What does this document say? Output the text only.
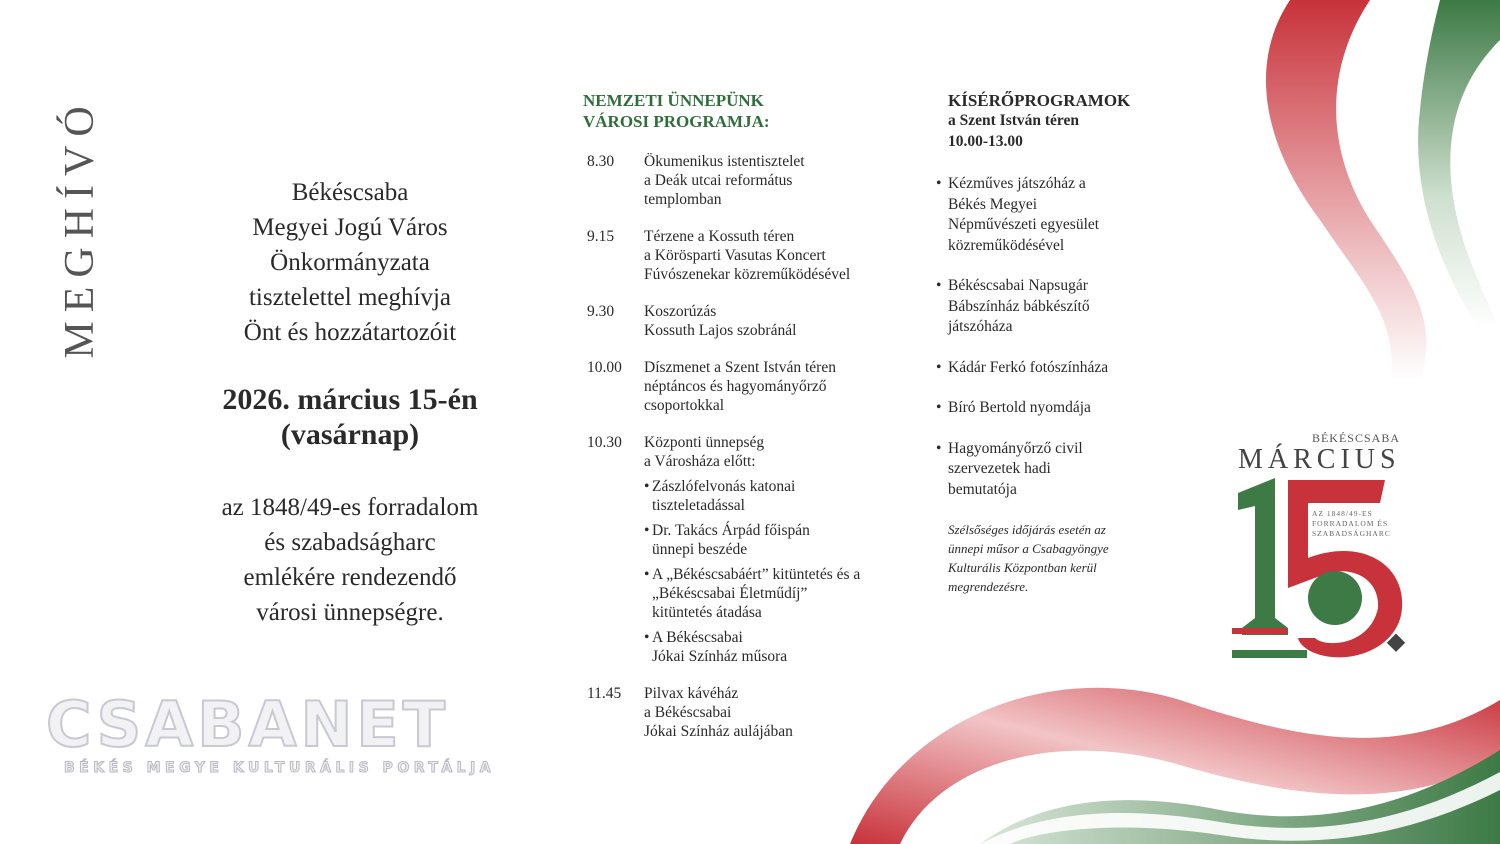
MEGHÍVÓ	Békéscsaba
Megyei Jogú Város
Önkormányzata
tisztelettel meghívja
Önt és hozzátartozóit
2026. március 15-én
(vasárnap)
az 1848/49-es forradalom
és szabadságharc
emlékére rendezendő
városi ünnepségre.
CSABANET
BÉKÉS MEGYE KULTURÁLIS PORTÁLJA
NEMZETI ÜNNEPÜNK
VÁROSI PROGRAMJA:
8.30	Ökumenikus istentisztelet
a Deák utcai református
templomban
9.15	Térzene a Kossuth téren
a Körösparti Vasutas Koncert
Fúvószenekar közreműködésével
9.30	Koszorúzás
Kossuth Lajos szobránál
10.00	Díszmenet a Szent István téren
néptáncos és hagyományőrző
csoportokkal
10.30	Központi ünnepség
a Városháza előtt:
• Zászlófelvonás katonai
tiszteletadással
• Dr. Takács Árpád főispán
ünnepi beszéde
• A „Békéscsabáért” kitüntetés és a
„Békéscsabai Életműdíj”
kitüntetés átadása
• A Békéscsabai
Jókai Színház műsora
11.45	Pilvax kávéház
a Békéscsabai
Jókai Színház aulájában
KÍSÉRŐPROGRAMOK
a Szent István téren
10.00-13.00
• Kézműves játszóház a
Békés Megyei
Népművészeti egyesület
közreműködésével
• Békéscsabai Napsugár
Bábszínház bábkészítő
játszóháza
• Kádár Ferkó fotószínháza
• Bíró Bertold nyomdája
• Hagyományőrző civil
szervezetek hadi
bemutatója
Szélsőséges időjárás esetén az
ünnepi műsor a Csabagyöngye
Kulturális Központban kerül
megrendezésre.
BÉKÉSCSABA
MÁRCIUS
AZ 1848/49-ES
FORRADALOM ÉS
SZABADSÁGHARC
